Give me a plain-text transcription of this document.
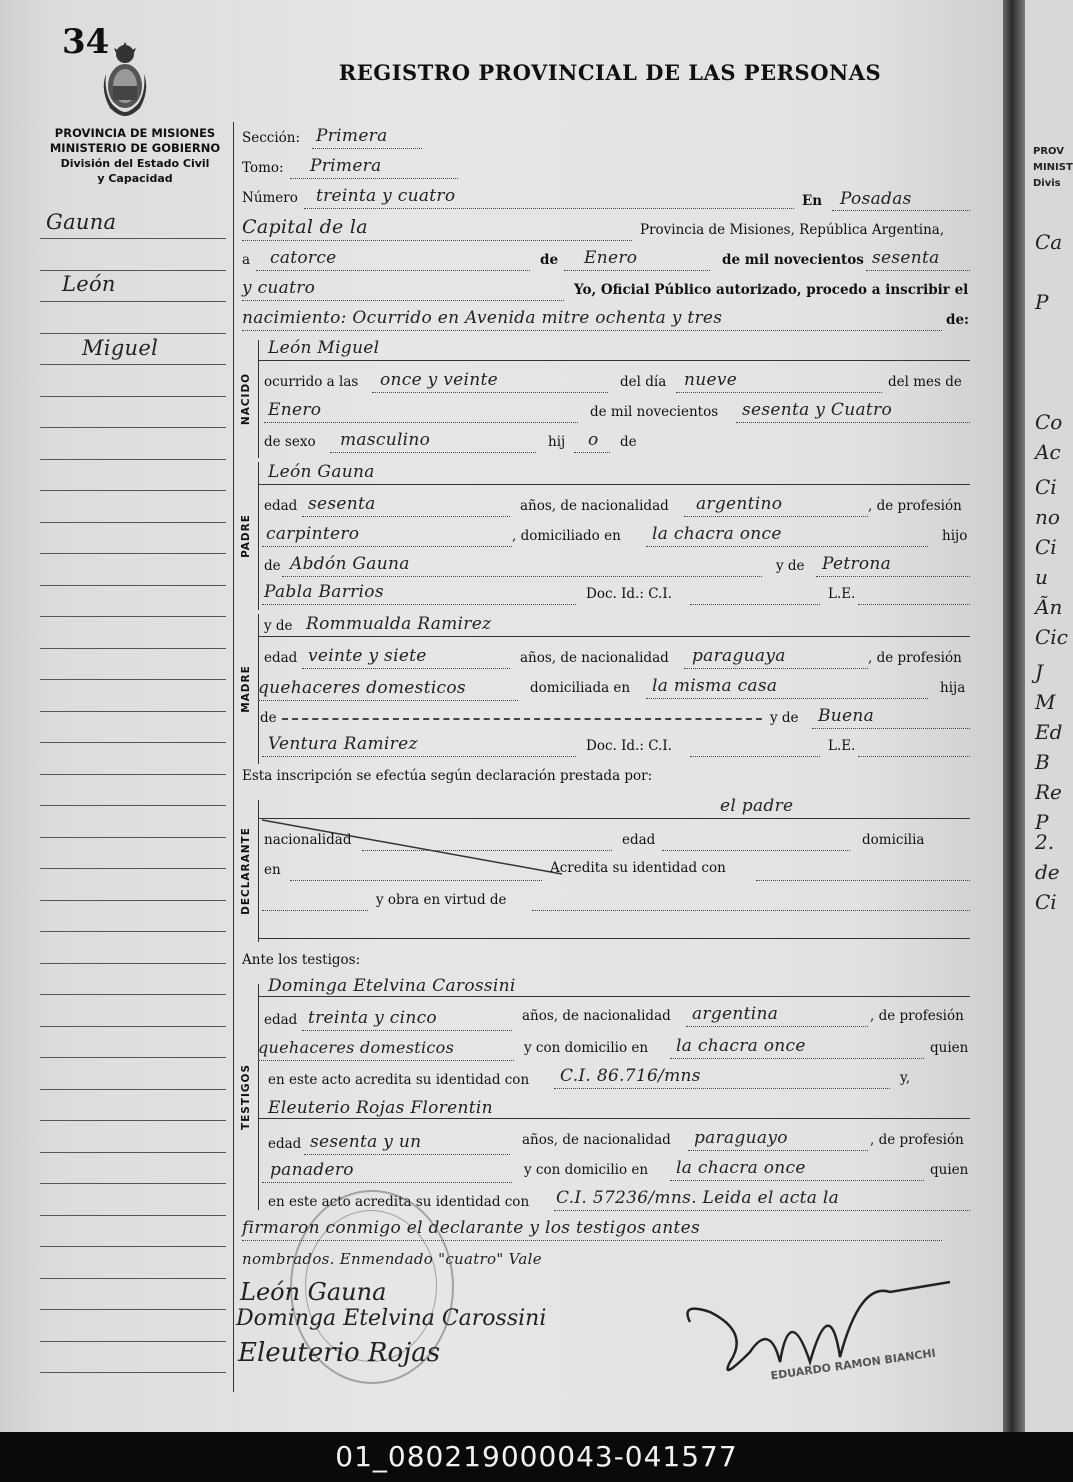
34
REGISTRO PROVINCIAL DE LAS PERSONAS
PROVINCIA DE MISIONES
MINISTERIO DE GOBIERNO
División del Estado Civil
y Capacidad
Gauna
León
Miguel
Sección: Primera
Tomo: Primera
Número treinta y cuatro	En Posadas
Capital de la	Provincia de Misiones, República Argentina,
a catorce	de Enero	de mil novecientos sesenta
y cuatro	Yo, Oficial Público autorizado, procedo a inscribir el
nacimiento: Ocurrido en Avenida mitre ochenta y tres	de:
NACIDO
León Miguel
ocurrido a las once y veinte	del día nueve	del mes de
Enero	de mil novecientos sesenta y Cuatro
de sexo masculino	hij o de
PADRE
León Gauna
edad sesenta	años, de nacionalidad argentino	, de profesión
carpintero	, domiciliado en la chacra once	hijo
de Abdón Gauna	y de Petrona
Pabla Barrios	Doc. Id.: C.I.	L.E.
MADRE
y de Rommualda Ramirez
edad veinte y siete	años, de nacionalidad paraguaya	, de profesión
quehaceres domesticos	domiciliada en la misma casa	hija
de	y de Buena
Ventura Ramirez	Doc. Id.: C.I.	L.E.
Esta inscripción se efectúa según declaración prestada por:
DECLARANTE
el padre
nacionalidad	edad	domicilia
en	Acredita su identidad con
y obra en virtud de
Ante los testigos:
TESTIGOS
Dominga Etelvina Carossini
edad treinta y cinco	años, de nacionalidad argentina	, de profesión
quehaceres domesticos	y con domicilio en la chacra once	quien
en este acto acredita su identidad con C.I. 86.716/mns	y,
Eleuterio Rojas Florentin
edad sesenta y un	años, de nacionalidad paraguayo	, de profesión
panadero	y con domicilio en la chacra once	quien
en este acto acredita su identidad con C.I. 57236/mns. Leida el acta la
firmaron conmigo el declarante y los testigos antes
nombrados. Enmendado "cuatro" Vale
León Gauna
Dominga Etelvina Carossini
Eleuterio Rojas	EDUARDO RAMON BIANCHI
PROV
MINIST
Divis
Ca
P
Co
Ac
Ci
no
Ci
u
Ãn
Cic
J
M
Ed
B
Re
P
2.
de
Ci
01_080219000043-041577
